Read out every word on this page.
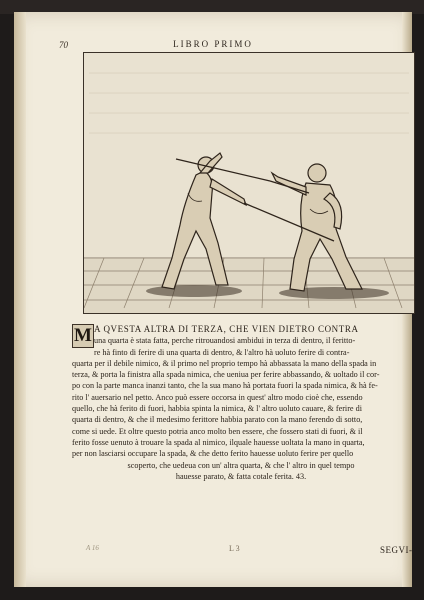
70	LIBRO PRIMO
M A QVESTA ALTRA DI TERZA, CHE VIEN DIETRO CONTRA
una quarta è stata fatta, perche ritrouandosi ambidui in terza di dentro, il feritto-
re hà finto di ferire di una quarta di dentro, & l'altro hà uoluto ferire di contra-
quarta per il debile nimico, & il primo nel proprio tempo hà abbassata la mano della spada in
terza, & porta la finistra alla spada nimica, che ueniua per ferire abbassando, & uoltado il cor-
po con la parte manca inanzi tanto, che la sua mano hà portata fuori la spada nimica, & hà fe-
rito l' auersario nel petto. Anco può essere occorsa in quest' altro modo cioè che, essendo
quello, che hà ferito di fuori, habbia spinta la nimica, & l' altro uoluto cauare, & ferire di
quarta di dentro, & che il medesimo ferittore habbia parato con la mano ferendo di sotto,
come si uede. Et oltre questo potria anco molto ben essere, che fossero stati di fuori, & il
ferito fosse uenuto à trouare la spada al nimico, ilquale hauesse uoltata la mano in quarta,
per non lasciarsi occupare la spada, & che detto ferito hauesse uoluto ferire per quello
scoperto, che uedeua con un' altra quarta, & che l' altro in quel tempo
hauesse parato, & fatta cotale ferita. 43.
A 16	L 3	SEGVI-
